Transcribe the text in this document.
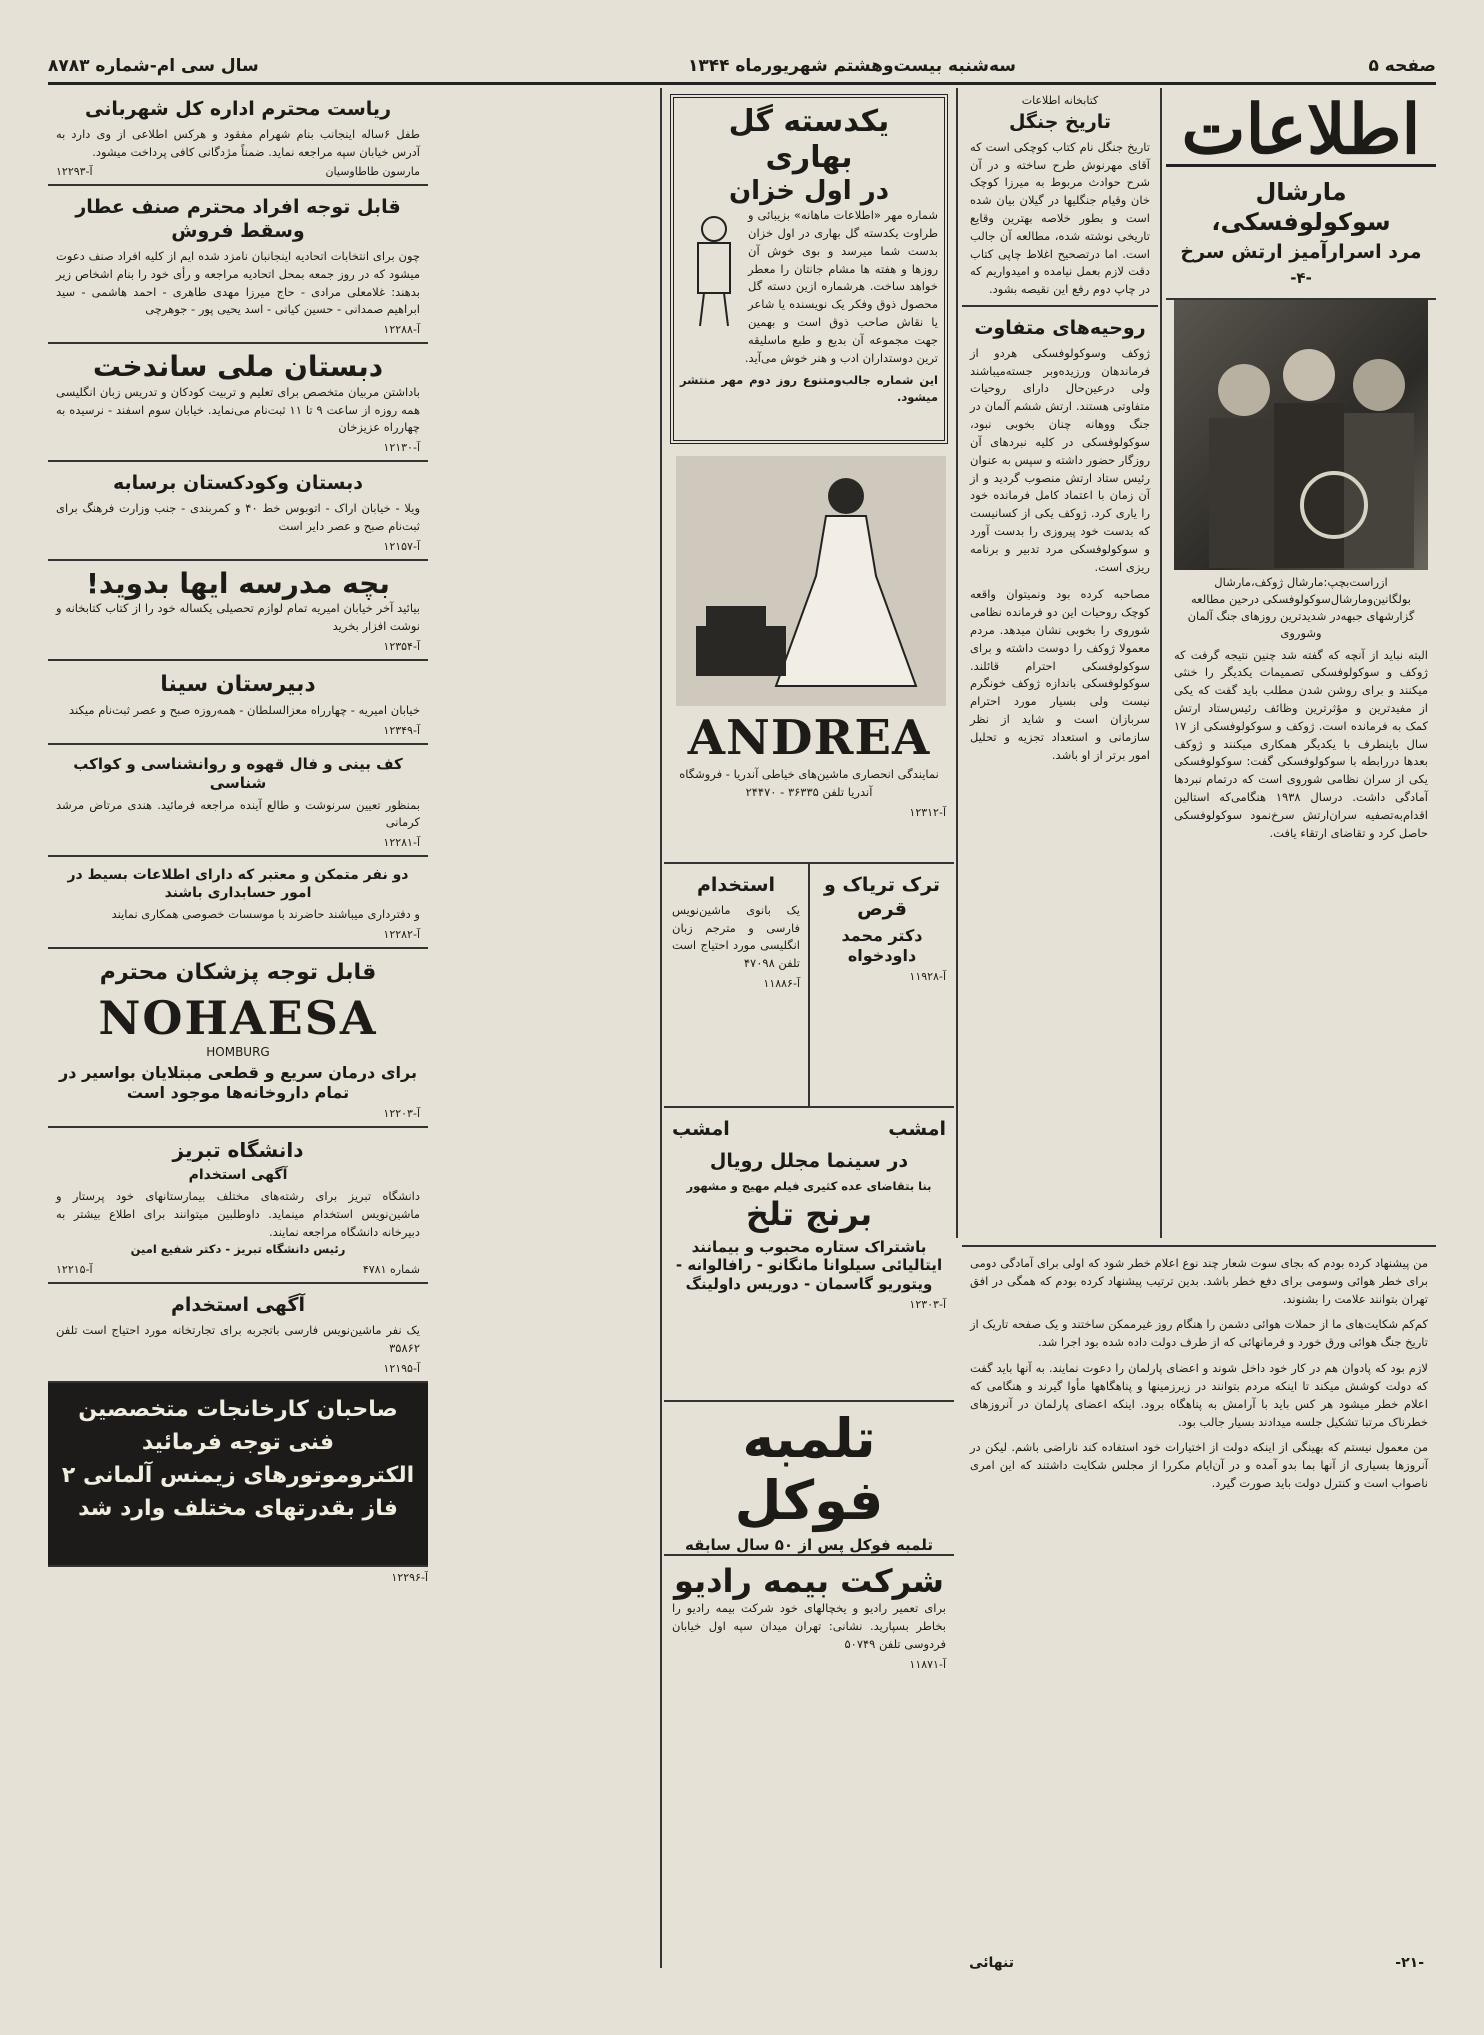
صفحه ۵
سه‌شنبه بیست‌وهشتم شهریورماه ۱۳۴۴
سال سی ام-شماره ۸۷۸۳
اطلاعات
مارشال سوکولوفسکی،
مرد اسرارآمیز ارتش سرخ
-۴-
ازراست‌بچپ:مارشال ژوکف،مارشال بولگانین‌ومارشال‌سوکولوفسکی درحین مطالعه گزارشهای جبهه‌در شدیدترین روزهای جنگ آلمان وشوروی
البته نباید از آنچه که گفته شد چنین نتیجه گرفت که ژوکف و سوکولوفسکی تصمیمات یکدیگر را خنثی میکنند و برای روشن شدن مطلب باید گفت که یکی از مفیدترین و مؤثرترین وظائف رئیس‌ستاد ارتش کمک به فرمانده است. ژوکف و سوکولوفسکی از ۱۷ سال باینطرف با یکدیگر همکاری میکنند و ژوکف بعدها دررابطه با سوکولوفسکی گفت: سوکولوفسکی یکی از سران نظامی شوروی است که درتمام نبردها آمادگی داشت. درسال ۱۹۳۸ هنگامی‌که استالین اقدام‌به‌تصفیه سران‌ارتش سرخ‌نمود سوکولوفسکی حاصل کرد و تقاضای ارتقاء یافت.
کتابخانه اطلاعات
تاریخ جنگل
تاریخ جنگل نام کتاب کوچکی است که آقای مهرنوش طرح ساخته و در آن شرح حوادث مربوط به میرزا کوچک خان وقیام جنگلیها در گیلان بیان شده است و بطور خلاصه بهترین وقایع تاریخی نوشته شده، مطالعه آن جالب است. اما درتصحیح اغلاط چاپی کتاب دقت لازم بعمل نیامده و امیدواریم که در چاپ دوم رفع این نقیصه بشود.
روحیه‌های متفاوت
ژوکف وسوکولوفسکی هردو از فرماندهان ورزیده‌وبر جسته‌میباشند ولی درعین‌حال دارای روحیات متفاوتی هستند. ارتش ششم آلمان در جنگ ووهانه چنان بخوبی نبود، سوکولوفسکی در کلیه نبردهای آن روزگار حضور داشته و سپس به عنوان رئیس ستاد ارتش منصوب گردید و از آن زمان با اعتماد کامل فرمانده خود را یاری کرد. ژوکف یکی از کسانیست که بدست خود پیروزی را بدست آورد و سوکولوفسکی مرد تدبیر و برنامه ریزی است.
مصاحبه کرده بود ونمیتوان واقعه کوچک روحیات این دو فرمانده نظامی شوروی را بخوبی نشان میدهد. مردم معمولا ژوکف را دوست داشته و برای سوکولوفسکی احترام قائلند. سوکولوفسکی باندازه ژوکف خونگرم نیست ولی بسیار مورد احترام سربازان است و شاید از نظر سازمانی و استعداد تجزیه و تحلیل امور برتر از او باشد.
یکدسته گل بهاری
در اول خزان
شماره مهر «اطلاعات ماهانه» بزیبائی و طراوت یکدسته گل بهاری در اول خزان بدست شما میرسد و بوی خوش آن روزها و هفته ها مشام جانتان را معطر خواهد ساخت. هرشماره ازین دسته گل محصول ذوق وفکر یک نویسنده یا شاعر یا نقاش صاحب ذوق است و بهمین جهت مجموعه آن بدیع و طبع ماسلیقه ترین دوستداران ادب و هنر خوش می‌آید.
این شماره جالب‌ومتنوع روز دوم مهر منتشر میشود.
ANDREA
نمایندگی انحصاری ماشین‌های خیاطی آندریا - فروشگاه آندریا تلفن ۳۶۳۳۵ - ۲۴۴۷۰
آ-۱۲۳۱۲
ترک تریاک و قرص
دکتر محمد داودخواه
آ-۱۱۹۲۸
استخدام
یک بانوی ماشین‌نویس فارسی و مترجم زبان انگلیسی مورد احتیاج است تلفن ۴۷۰۹۸
آ-۱۱۸۸۶
امشب
امشب
در سینما مجلل رویال
بنا بتقاضای عده کثیری فیلم مهیج و مشهور
برنج تلخ
باشتراک ستاره محبوب و بیمانند ایتالیائی سیلوانا مانگانو - رافالوانه - ویتوریو گاسمان - دوریس داولینگ
آ-۱۲۳۰۳
تلمبه فوکل
تلمبه فوکل پس از ۵۰ سال سابقه
شرکت بیمه رادیو
برای تعمیر رادیو و یخچالهای خود شرکت بیمه رادیو را بخاطر بسپارید. نشانی: تهران میدان سپه اول خیابان فردوسی تلفن ۵۰۷۴۹
آ-۱۱۸۷۱
ریاست محترم اداره کل شهربانی
طفل ۶ساله اینجانب بنام شهرام مفقود و هرکس اطلاعی از وی دارد به آدرس خیابان سپه مراجعه نماید. ضمناً مژدگانی کافی پرداخت میشود.
مارسون طاطاوسیان
آ-۱۲۲۹۳
قابل توجه افراد محترم صنف عطار وسقط فروش
چون برای انتخابات اتحادیه اینجانبان نامزد شده ایم از کلیه افراد صنف دعوت میشود که در روز جمعه بمحل اتحادیه مراجعه و رأی خود را بنام اشخاص زیر بدهند: غلامعلی مرادی - حاج میرزا مهدی طاهری - احمد هاشمی - سید ابراهیم صمدانی - حسین کیانی - اسد یحیی پور - جوهرچی
آ-۱۲۲۸۸
دبستان ملی ساندخت
باداشتن مربیان متخصص برای تعلیم و تربیت کودکان و تدریس زبان انگلیسی همه روزه از ساعت ۹ تا ۱۱ ثبت‌نام می‌نماید. خیابان سوم اسفند - نرسیده به چهارراه عزیزخان
آ-۱۲۱۳۰
دبستان وکودکستان برسابه
ویلا - خیابان اراک - اتوبوس خط ۴۰ و کمربندی - جنب وزارت فرهنگ برای ثبت‌نام صبح و عصر دایر است
آ-۱۲۱۵۷
بچه مدرسه ایها بدوید!
بیائید آخر خیابان امیریه تمام لوازم تحصیلی یکساله خود را از کتاب کتابخانه و نوشت افزار بخرید
آ-۱۲۳۵۴
دبیرستان سینا
خیابان امیریه - چهارراه معزالسلطان - همه‌روزه صبح و عصر ثبت‌نام میکند
آ-۱۲۳۴۹
کف بینی و فال قهوه و روانشناسی و کواکب شناسی
بمنظور تعیین سرنوشت و طالع آینده مراجعه فرمائید. هندی مرتاض مرشد کرمانی
آ-۱۲۲۸۱
دو نفر متمکن و معتبر که دارای اطلاعات بسیط در امور حسابداری باشند
و دفترداری میباشند حاضرند با موسسات خصوصی همکاری نمایند
آ-۱۲۲۸۲
قابل توجه پزشکان محترم
NOHAESA
HOMBURG
برای درمان سریع و قطعی مبتلایان بواسیر در تمام داروخانه‌ها موجود است
آ-۱۲۲۰۳
دانشگاه تبریز
آگهی استخدام
دانشگاه تبریز برای رشته‌های مختلف بیمارستانهای خود پرستار و ماشین‌نویس استخدام مینماید. داوطلبین میتوانند برای اطلاع بیشتر به دبیرخانه دانشگاه مراجعه نمایند.
رئیس دانشگاه تبریز - دکتر شفیع امین
شماره ۴۷۸۱
آ-۱۲۲۱۵
آگهی استخدام
یک نفر ماشین‌نویس فارسی باتجربه برای تجارتخانه مورد احتیاج است تلفن ۳۵۸۶۲
آ-۱۲۱۹۵
صاحبان کارخانجات متخصصین فنی توجه فرمائید الکتروموتورهای زیمنس آلمانی ۲ فاز بقدرتهای مختلف وارد شد
آ-۱۲۲۹۶
من پیشنهاد کرده بودم که بجای سوت شعار چند نوع اعلام خطر شود که اولی برای آمادگی دومی برای خطر هوائی وسومی برای دفع خطر باشد. بدین ترتیب پیشنهاد کرده بودم که همگی در افق تهران بتوانند علامت را بشنوند.
کم‌کم شکایت‌های ما از حملات هوائی دشمن را هنگام روز غیرممکن ساختند و یک صفحه تاریک از تاریخ جنگ هوائی ورق خورد و فرمانهائی که از طرف دولت داده شده بود اجرا شد.
لازم بود که پادوان هم در کار خود داخل شوند و اعضای پارلمان را دعوت نمایند. به آنها باید گفت که دولت کوشش میکند تا اینکه مردم بتوانند در زیرزمینها و پناهگاهها مأوا گیرند و هنگامی که اعلام خطر میشود هر کس باید با آرامش به پناهگاه برود. اینکه اعضای پارلمان در آنروزهای خطرناک مرتبا تشکیل جلسه میدادند بسیار جالب بود.
من معمول نیستم که بهینگی از اینکه دولت از اختیارات خود استفاده کند ناراضی باشم. لیکن در آنروزها بسیاری از آنها بما بدو آمده و در آن‌ایام مکررا از مجلس شکایت داشتند که این امری ناصواب است و کنترل دولت باید صورت گیرد.
-۲۱-
تنهائی
